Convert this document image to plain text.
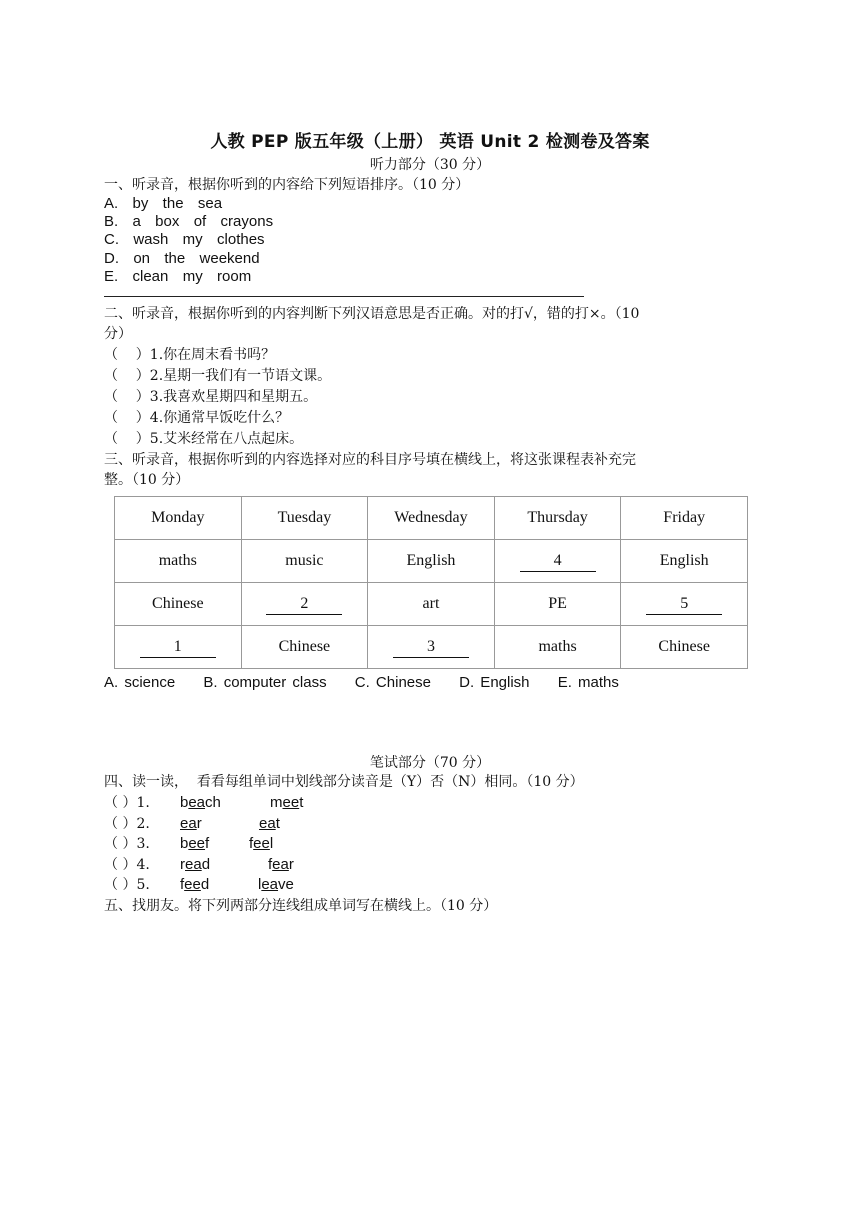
人教 PEP 版五年级（上册） 英语 Unit 2 检测卷及答案
听力部分（30 分）
一、听录音，根据你听到的内容给下列短语排序。（10 分）
A.  by  the  sea
B.  a  box  of  crayons
C.  wash  my  clothes
D.  on  the  weekend
E.  clean  my  room
二、听录音，根据你听到的内容判断下列汉语意思是否正确。对的打√，错的打×。（10
分）
（    ）1.你在周末看书吗？
（    ）2.星期一我们有一节语文课。
（    ）3.我喜欢星期四和星期五。
（    ）4.你通常早饭吃什么？
（    ）5.艾米经常在八点起床。
三、听录音，根据你听到的内容选择对应的科目序号填在横线上，将这张课程表补充完
整。（10 分）
Monday	Tuesday	Wednesday	Thursday	Friday
maths	music	English	4	English
Chinese	2	art	PE	5
1	Chinese	3	maths	Chinese
A. science B. computer class C. Chinese D. English E. maths
笔试部分（70 分）
四、读一读，  看看每组单词中划线部分读音是（Y）否（N）相同。（10 分）
（ ）1. beach	meet
（ ）2. ear	eat
（ ）3. beef	feel
（ ）4. read	fear
（ ）5. feed	leave
五、找朋友。将下列两部分连线组成单词写在横线上。（10 分）
